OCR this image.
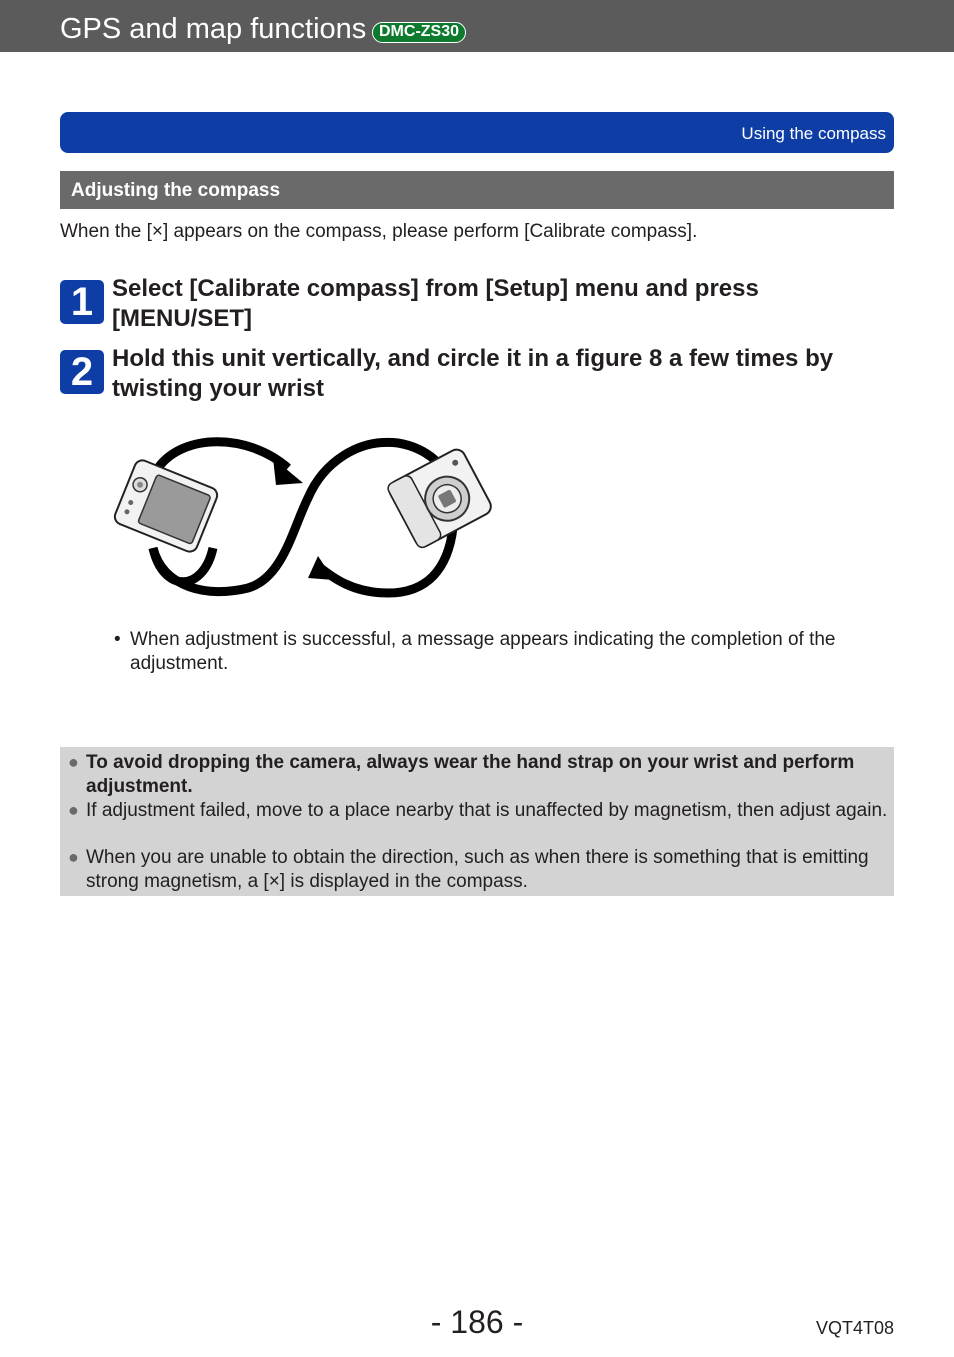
GPS and map functions DMC-ZS30
Using the compass
Adjusting the compass

When the [×] appears on the compass, please perform [Calibrate compass].

1 Select [Calibrate compass] from [Setup] menu and press [MENU/SET]
2 Hold this unit vertically, and circle it in a figure 8 a few times by twisting your wrist
• When adjustment is successful, a message appears indicating the completion of the adjustment.
● To avoid dropping the camera, always wear the hand strap on your wrist and perform adjustment.
● If adjustment failed, move to a place nearby that is unaffected by magnetism, then adjust again.
● When you are unable to obtain the direction, such as when there is something that is emitting strong magnetism, a [×] is displayed in the compass.
- 186 -	VQT4T08
